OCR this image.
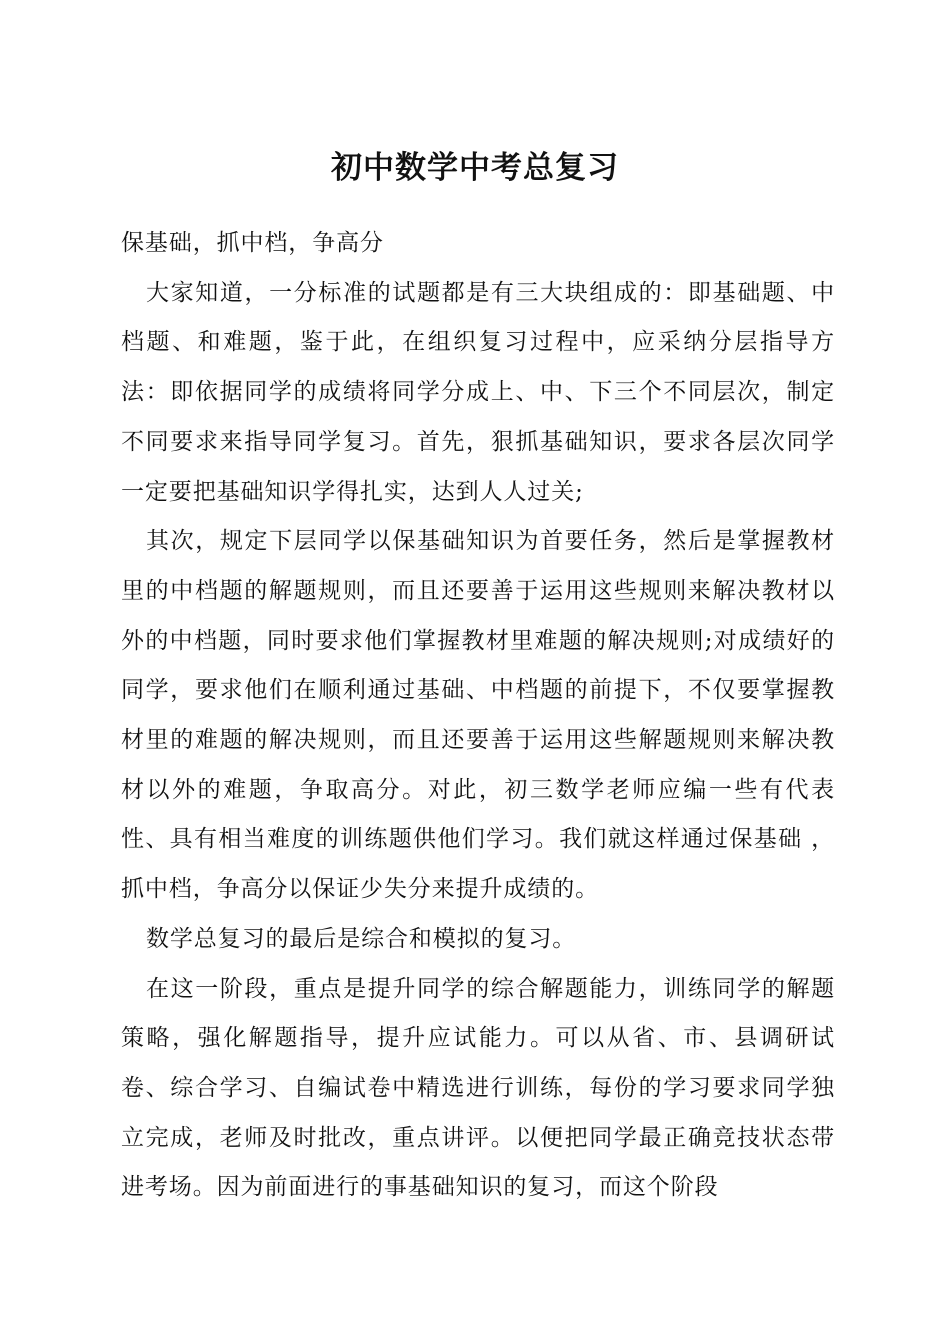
初中数学中考总复习

保基础，抓中档，争高分

大家知道，一分标准的试题都是有三大块组成的：即基础题、中档题、和难题，鉴于此，在组织复习过程中，应采纳分层指导方法：即依据同学的成绩将同学分成上、中、下三个不同层次，制定不同要求来指导同学复习。首先，狠抓基础知识，要求各层次同学一定要把基础知识学得扎实，达到人人过关;

其次，规定下层同学以保基础知识为首要任务，然后是掌握教材里的中档题的解题规则，而且还要善于运用这些规则来解决教材以外的中档题，同时要求他们掌握教材里难题的解决规则;对成绩好的同学，要求他们在顺利通过基础、中档题的前提下，不仅要掌握教材里的难题的解决规则，而且还要善于运用这些解题规则来解决教材以外的难题，争取高分。对此，初三数学老师应编一些有代表性、具有相当难度的训练题供他们学习。我们就这样通过保基础 ，抓中档，争高分以保证少失分来提升成绩的。

数学总复习的最后是综合和模拟的复习。

在这一阶段，重点是提升同学的综合解题能力，训练同学的解题策略，强化解题指导，提升应试能力。可以从省、市、县调研试卷、综合学习、自编试卷中精选进行训练，每份的学习要求同学独立完成，老师及时批改，重点讲评。以便把同学最正确竞技状态带进考场。因为前面进行的事基础知识的复习，而这个阶段
